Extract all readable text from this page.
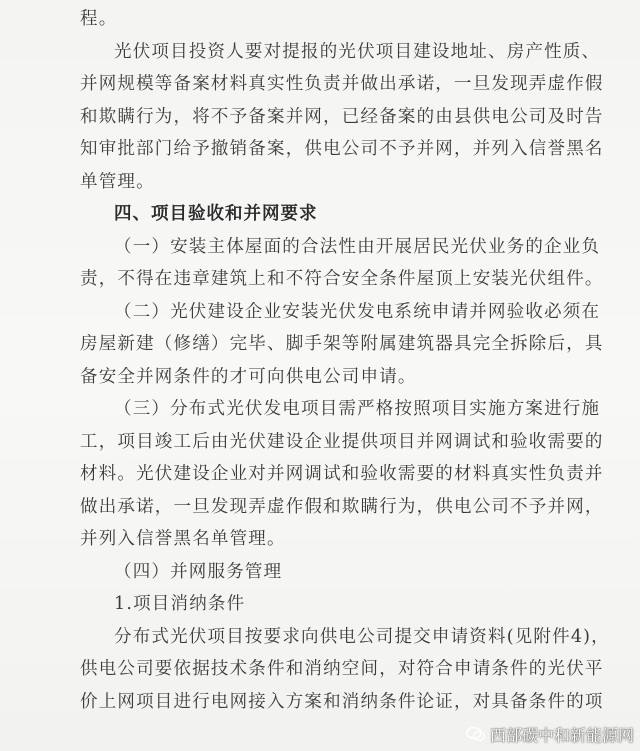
程。
光伏项目投资人要对提报的光伏项目建设地址、房产性质、
并网规模等备案材料真实性负责并做出承诺，一旦发现弄虚作假
和欺瞒行为，将不予备案并网，已经备案的由县供电公司及时告
知审批部门给予撤销备案，供电公司不予并网，并列入信誉黑名
单管理。
四、项目验收和并网要求
（一）安装主体屋面的合法性由开展居民光伏业务的企业负
责，不得在违章建筑上和不符合安全条件屋顶上安装光伏组件。
（二）光伏建设企业安装光伏发电系统申请并网验收必须在
房屋新建（修缮）完毕、脚手架等附属建筑器具完全拆除后，具
备安全并网条件的才可向供电公司申请。
（三）分布式光伏发电项目需严格按照项目实施方案进行施
工，项目竣工后由光伏建设企业提供项目并网调试和验收需要的
材料。光伏建设企业对并网调试和验收需要的材料真实性负责并
做出承诺，一旦发现弄虚作假和欺瞒行为，供电公司不予并网，
并列入信誉黑名单管理。
（四）并网服务管理
1.项目消纳条件
分布式光伏项目按要求向供电公司提交申请资料(见附件4)，
供电公司要依据技术条件和消纳空间，对符合申请条件的光伏平
价上网项目进行电网接入方案和消纳条件论证，对具备条件的项
西部碳中和新能源网
